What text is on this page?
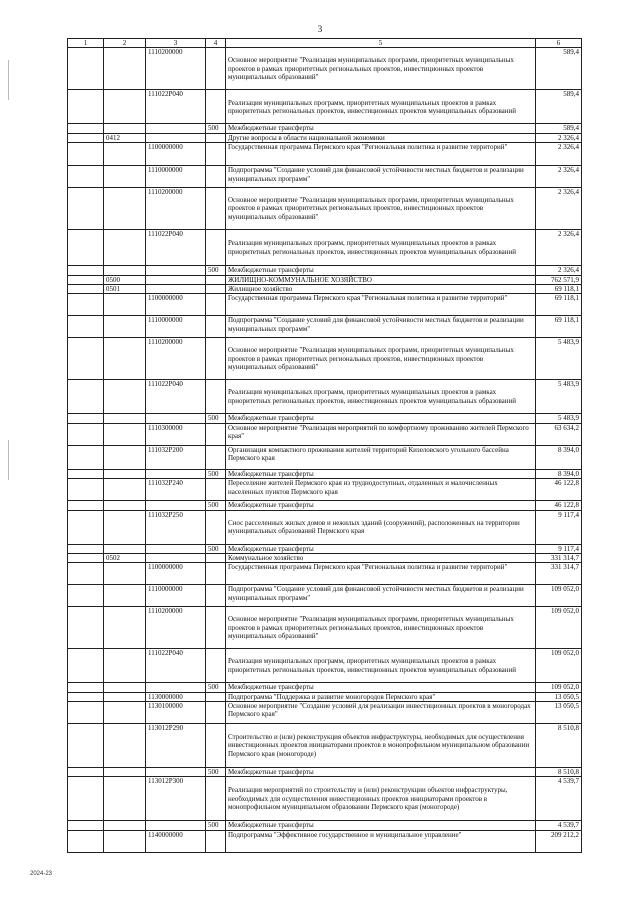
3
1	2	3	4	5	6
		1110200000		Основное мероприятие "Реализация муниципальных программ, приоритетных муниципальных проектов в рамках приоритетных региональных проектов, инвестиционных проектов муниципальных образований"	589,4
		111022Р040		Реализация муниципальных программ, приоритетных муниципальных проектов в рамках приоритетных региональных проектов, инвестиционных проектов муниципальных образований	589,4
			500	Межбюджетные трансферты	589,4
	0412			Другие вопросы в области национальной экономики	2 326,4
		1100000000		Государственная программа Пермского края "Региональная политика и развитие территорий"	2 326,4
		1110000000		Подпрограмма "Создание условий для финансовой устойчивости местных бюджетов и реализации муниципальных программ"	2 326,4
		1110200000		Основное мероприятие "Реализация муниципальных программ, приоритетных муниципальных проектов в рамках приоритетных региональных проектов, инвестиционных проектов муниципальных образований"	2 326,4
		111022Р040		Реализация муниципальных программ, приоритетных муниципальных проектов в рамках приоритетных региональных проектов, инвестиционных проектов муниципальных образований	2 326,4
			500	Межбюджетные трансферты	2 326,4
	0500			ЖИЛИЩНО-КОММУНАЛЬНОЕ ХОЗЯЙСТВО	762 571,9
	0501			Жилищное хозяйство	69 118,1
		1100000000		Государственная программа Пермского края "Региональная политика и развитие территорий"	69 118,1
		1110000000		Подпрограмма "Создание условий для финансовой устойчивости местных бюджетов и реализации муниципальных программ"	69 118,1
		1110200000		Основное мероприятие "Реализация муниципальных программ, приоритетных муниципальных проектов в рамках приоритетных региональных проектов, инвестиционных проектов муниципальных образований"	5 483,9
		111022Р040		Реализация муниципальных программ, приоритетных муниципальных проектов в рамках приоритетных региональных проектов, инвестиционных проектов муниципальных образований	5 483,9
			500	Межбюджетные трансферты	5 483,9
		1110300000		Основное мероприятие "Реализация мероприятий по комфортному проживанию жителей Пермского края"	63 634,2
		111032Р200		Организация компактного проживания жителей территорий Кизеловского угольного бассейна Пермского края	8 394,0
			500	Межбюджетные трансферты	8 394,0
		111032Р240		Переселение жителей Пермского края из труднодоступных, отдаленных и малочисленных населенных пунктов Пермского края	46 122,8
			500	Межбюджетные трансферты	46 122,8
		111032Р250		Снос расселенных жилых домов и нежилых зданий (сооружений), расположенных на территории муниципальных образований Пермского края	9 117,4
			500	Межбюджетные трансферты	9 117,4
	0502			Коммунальное хозяйство	331 314,7
		1100000000		Государственная программа Пермского края "Региональная политика и развитие территорий"	331 314,7
		1110000000		Подпрограмма "Создание условий для финансовой устойчивости местных бюджетов и реализации муниципальных программ"	109 052,0
		1110200000		Основное мероприятие "Реализация муниципальных программ, приоритетных муниципальных проектов в рамках приоритетных региональных проектов, инвестиционных проектов муниципальных образований"	109 052,0
		111022Р040		Реализация муниципальных программ, приоритетных муниципальных проектов в рамках приоритетных региональных проектов, инвестиционных проектов муниципальных образований	109 052,0
			500	Межбюджетные трансферты	109 052,0
		1130000000		Подпрограмма "Поддержка и развитие моногородов Пермского края"	13 050,5
		1130100000		Основное мероприятие "Создание условий для реализации инвестиционных проектов в моногородах Пермского края"	13 050,5
		113012Р290		Строительство и (или) реконструкция объектов инфраструктуры, необходимых для осуществления инвестиционных проектов инициаторами проектов в монопрофильном муниципальном образовании Пермского края (моногороде)	8 510,8
			500	Межбюджетные трансферты	8 510,8
		113012Р300		Реализация мероприятий по строительству и (или) реконструкции объектов инфраструктуры, необходимых для осуществления инвестиционных проектов инициаторами проектов в монопрофильном муниципальном образовании Пермского края (моногороде)	4 539,7
			500	Межбюджетные трансферты	4 539,7
		1140000000		Подпрограмма "Эффективное государственное и муниципальное управление"	209 212,2
2024-23
